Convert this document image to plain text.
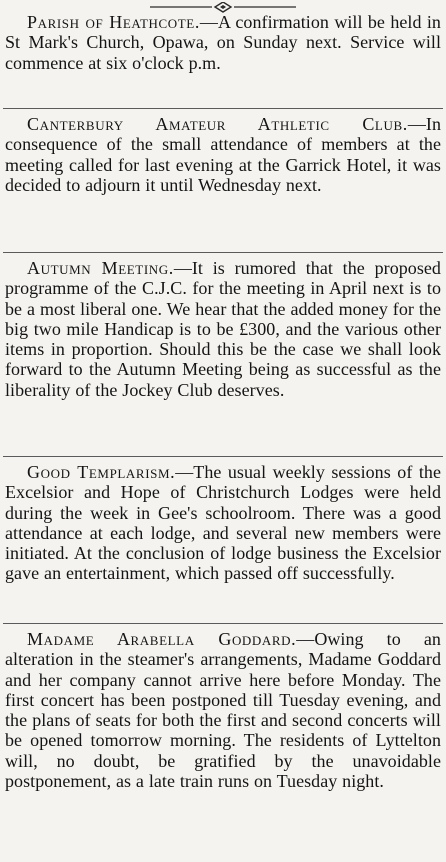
Parish of Heathcote.—A confirmation will be held in St Mark's Church, Opawa, on Sunday next. Service will commence at six o'clock p.m.

Canterbury Amateur Athletic Club.—In consequence of the small attendance of members at the meeting called for last evening at the Garrick Hotel, it was decided to adjourn it until Wednesday next.

Autumn Meeting.—It is rumored that the proposed programme of the C.J.C. for the meeting in April next is to be a most liberal one. We hear that the added money for the big two mile Handicap is to be £300, and the various other items in proportion. Should this be the case we shall look forward to the Autumn Meeting being as successful as the liberality of the Jockey Club deserves.

Good Templarism.—The usual weekly sessions of the Excelsior and Hope of Christchurch Lodges were held during the week in Gee's schoolroom. There was a good attendance at each lodge, and several new members were initiated. At the conclusion of lodge business the Excelsior gave an entertainment, which passed off successfully.

Madame Arabella Goddard.—Owing to an alteration in the steamer's arrangements, Madame Goddard and her company cannot arrive here before Monday. The first concert has been postponed till Tuesday evening, and the plans of seats for both the first and second concerts will be opened tomorrow morning. The residents of Lyttelton will, no doubt, be gratified by the unavoidable postponement, as a late train runs on Tuesday night.
